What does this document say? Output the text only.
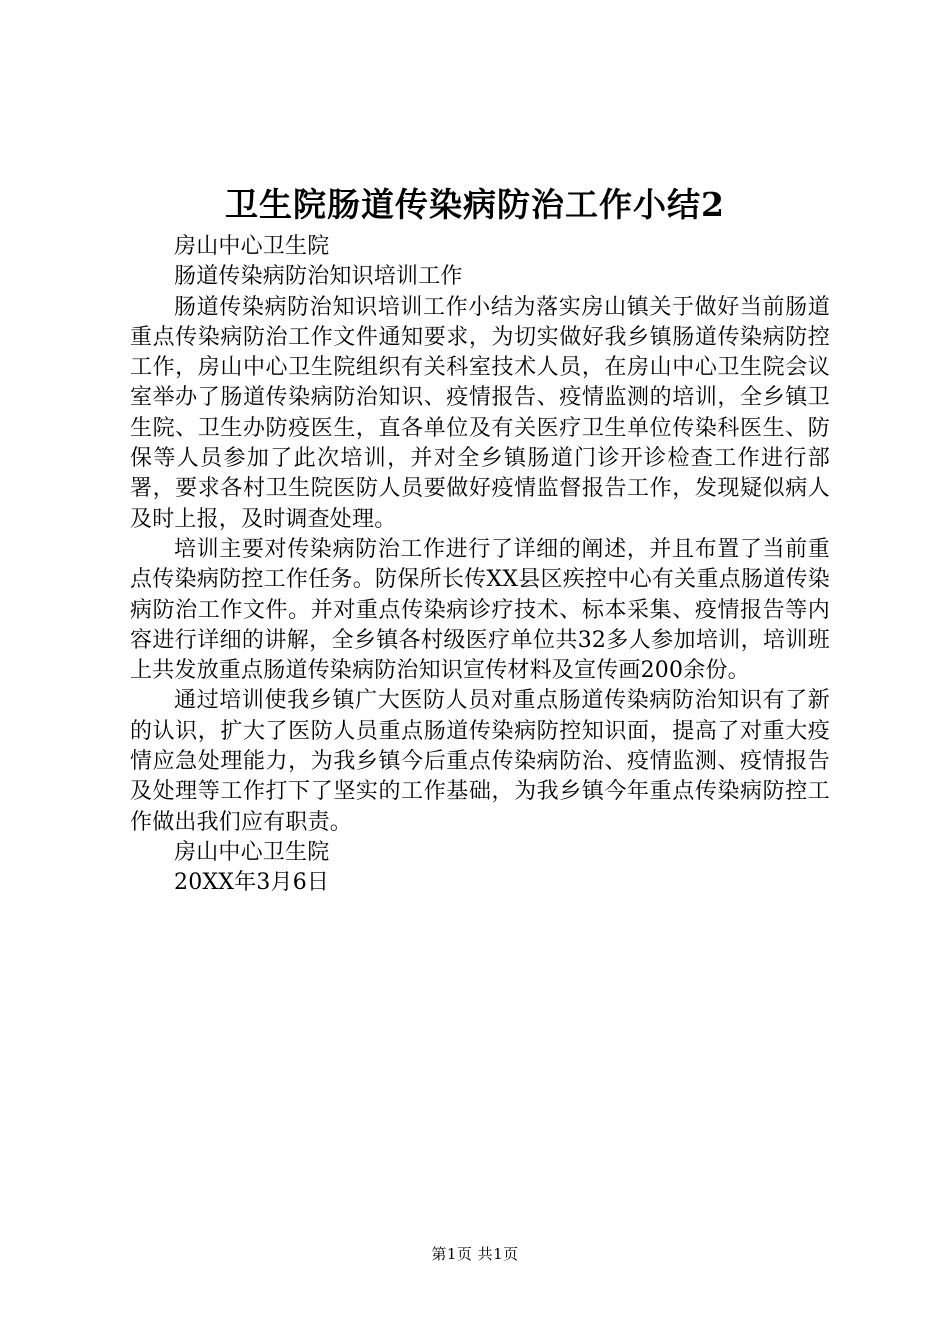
卫生院肠道传染病防治工作小结2

房山中心卫生院

肠道传染病防治知识培训工作

肠道传染病防治知识培训工作小结为落实房山镇关于做好当前肠道重点传染病防治工作文件通知要求，为切实做好我乡镇肠道传染病防控工作，房山中心卫生院组织有关科室技术人员，在房山中心卫生院会议室举办了肠道传染病防治知识、疫情报告、疫情监测的培训，全乡镇卫生院、卫生办防疫医生，直各单位及有关医疗卫生单位传染科医生、防保等人员参加了此次培训，并对全乡镇肠道门诊开诊检查工作进行部署，要求各村卫生院医防人员要做好疫情监督报告工作，发现疑似病人及时上报，及时调查处理。

培训主要对传染病防治工作进行了详细的阐述，并且布置了当前重点传染病防控工作任务。防保所长传XX县区疾控中心有关重点肠道传染病防治工作文件。并对重点传染病诊疗技术、标本采集、疫情报告等内容进行详细的讲解，全乡镇各村级医疗单位共32多人参加培训，培训班上共发放重点肠道传染病防治知识宣传材料及宣传画200余份。

通过培训使我乡镇广大医防人员对重点肠道传染病防治知识有了新的认识，扩大了医防人员重点肠道传染病防控知识面，提高了对重大疫情应急处理能力，为我乡镇今后重点传染病防治、疫情监测、疫情报告及处理等工作打下了坚实的工作基础，为我乡镇今年重点传染病防控工作做出我们应有职责。

房山中心卫生院

20XX年3月6日

第1页 共1页
